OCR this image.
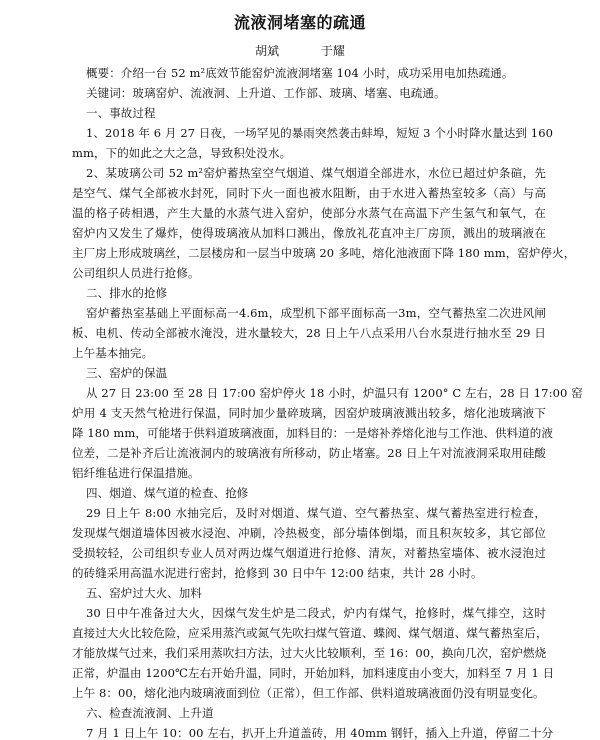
流液洞堵塞的疏通
胡斌	于耀
概要：介绍一台 52 m²底效节能窑炉流液洞堵塞 104 小时，成功采用电加热疏通。
关键词：玻璃窑炉、流液洞、上升道、工作部、玻璃、堵塞、电疏通。
一、事故过程
1、2018 年 6 月 27 日夜，一场罕见的暴雨突然袭击蚌埠，短短 3 个小时降水量达到 160
mm，下的如此之大之急，导致积处没水。
2、某玻璃公司 52 m²窑炉蓄热室空气烟道、煤气烟道全部进水，水位已超过炉条碹，先
是空气、煤气全部被水封死，同时下火一面也被水阻断，由于水进入蓄热室较多（高）与高
温的格子砖相遇，产生大量的水蒸气进入窑炉，使部分水蒸气在高温下产生氢气和氧气，在
窑炉内又发生了爆炸，使得玻璃液从加料口溅出，像放礼花直冲主厂房顶，溅出的玻璃液在
主厂房上形成玻璃丝，二层楼房和一层当中玻璃 20 多吨，熔化池液面下降 180 mm，窑炉停火，
公司组织人员进行抢修。
二、排水的抢修
窑炉蓄热室基础上平面标高一4.6m，成型机下部平面标高一3m，空气蓄热室二次进风闸
板、电机、传动全部被水淹没，进水量较大，28 日上午八点采用八台水泵进行抽水至 29 日
上午基本抽完。
三、窑炉的保温
从 27 日 23:00 至 28 日 17:00 窑炉停火 18 小时，炉温只有 1200° C 左右，28 日 17:00 窑
炉用 4 支天然气枪进行保温，同时加少量碎玻璃，因窑炉玻璃液溅出较多，熔化池玻璃液下
降 180 mm，可能堵于供料道玻璃液面，加料目的：一是熔补养熔化池与工作池、供料道的液
位差，二是补齐后让流液洞内的玻璃液有所移动，防止堵塞。28 日上午对流液洞采取用硅酸
铝纤维毡进行保温措施。
四、烟道、煤气道的检查、抢修
29 日上午 8:00 水抽完后，及时对烟道、煤气道、空气蓄热室、煤气蓄热室进行检查，
发现煤气烟道墙体因被水浸泡、冲刷，冷热极变，部分墙体倒塌，而且积灰较多，其它部位
受损较轻，公司组织专业人员对两边煤气烟道进行抢修、清灰，对蓄热室墙体、被水浸泡过
的砖缝采用高温水泥进行密封，抢修到 30 日中午 12:00 结束，共计 28 小时。
五、窑炉过大火、加料
30 日中午准备过大火，因煤气发生炉是二段式，炉内有煤气，抢修时，煤气排空，这时
直接过大火比较危险，应采用蒸汽或氮气先吹扫煤气管道、蝶阀、煤气烟道、煤气蓄热室后，
才能放煤气过来，我们采用蒸吹扫方法，过大火比较顺利，至 16：00，换向几次，窑炉燃烧
正常，炉温由 1200℃左右开始升温，同时，开始加料，加料速度由小变大，加料至 7 月 1 日
上午 8：00，熔化池内玻璃液面到位（正常），但工作部、供料道玻璃液面仍没有明显变化。
六、检查流液洞、上升道
7 月 1 日上午 10：00 左右，扒开上升道盖砖，用 40mm 钢钎，插入上升道，停留二十分
